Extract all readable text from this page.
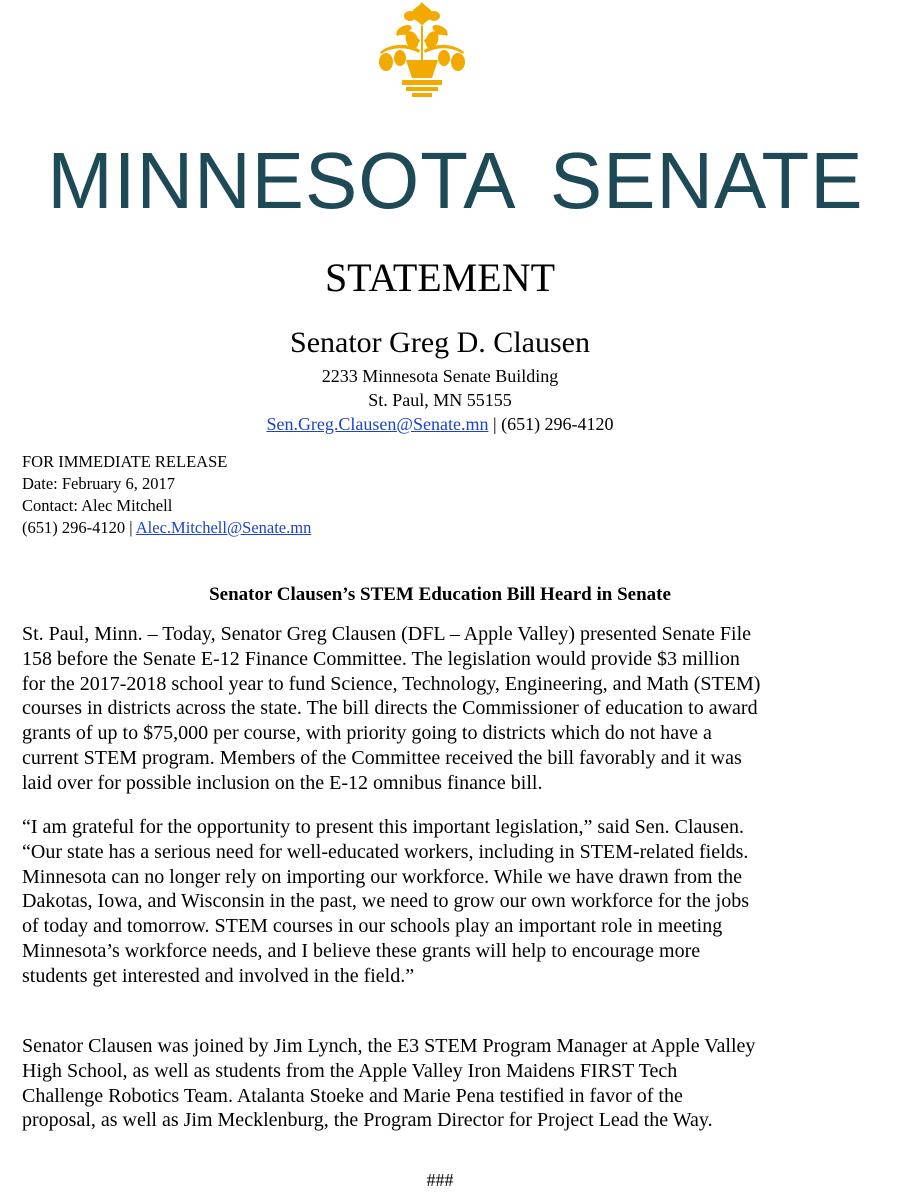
MINNESOTA SENATE
STATEMENT
Senator Greg D. Clausen
2233 Minnesota Senate Building
St. Paul, MN 55155
Sen.Greg.Clausen@Senate.mn | (651) 296-4120
FOR IMMEDIATE RELEASE
Date: February 6, 2017
Contact: Alec Mitchell
(651) 296-4120 | Alec.Mitchell@Senate.mn
Senator Clausen’s STEM Education Bill Heard in Senate
St. Paul, Minn. – Today, Senator Greg Clausen (DFL – Apple Valley) presented Senate File
158 before the Senate E-12 Finance Committee. The legislation would provide $3 million
for the 2017-2018 school year to fund Science, Technology, Engineering, and Math (STEM)
courses in districts across the state. The bill directs the Commissioner of education to award
grants of up to $75,000 per course, with priority going to districts which do not have a
current STEM program. Members of the Committee received the bill favorably and it was
laid over for possible inclusion on the E-12 omnibus finance bill.
“I am grateful for the opportunity to present this important legislation,” said Sen. Clausen.
“Our state has a serious need for well-educated workers, including in STEM-related fields.
Minnesota can no longer rely on importing our workforce. While we have drawn from the
Dakotas, Iowa, and Wisconsin in the past, we need to grow our own workforce for the jobs
of today and tomorrow. STEM courses in our schools play an important role in meeting
Minnesota’s workforce needs, and I believe these grants will help to encourage more
students get interested and involved in the field.”
Senator Clausen was joined by Jim Lynch, the E3 STEM Program Manager at Apple Valley
High School, as well as students from the Apple Valley Iron Maidens FIRST Tech
Challenge Robotics Team. Atalanta Stoeke and Marie Pena testified in favor of the
proposal, as well as Jim Mecklenburg, the Program Director for Project Lead the Way.
###
